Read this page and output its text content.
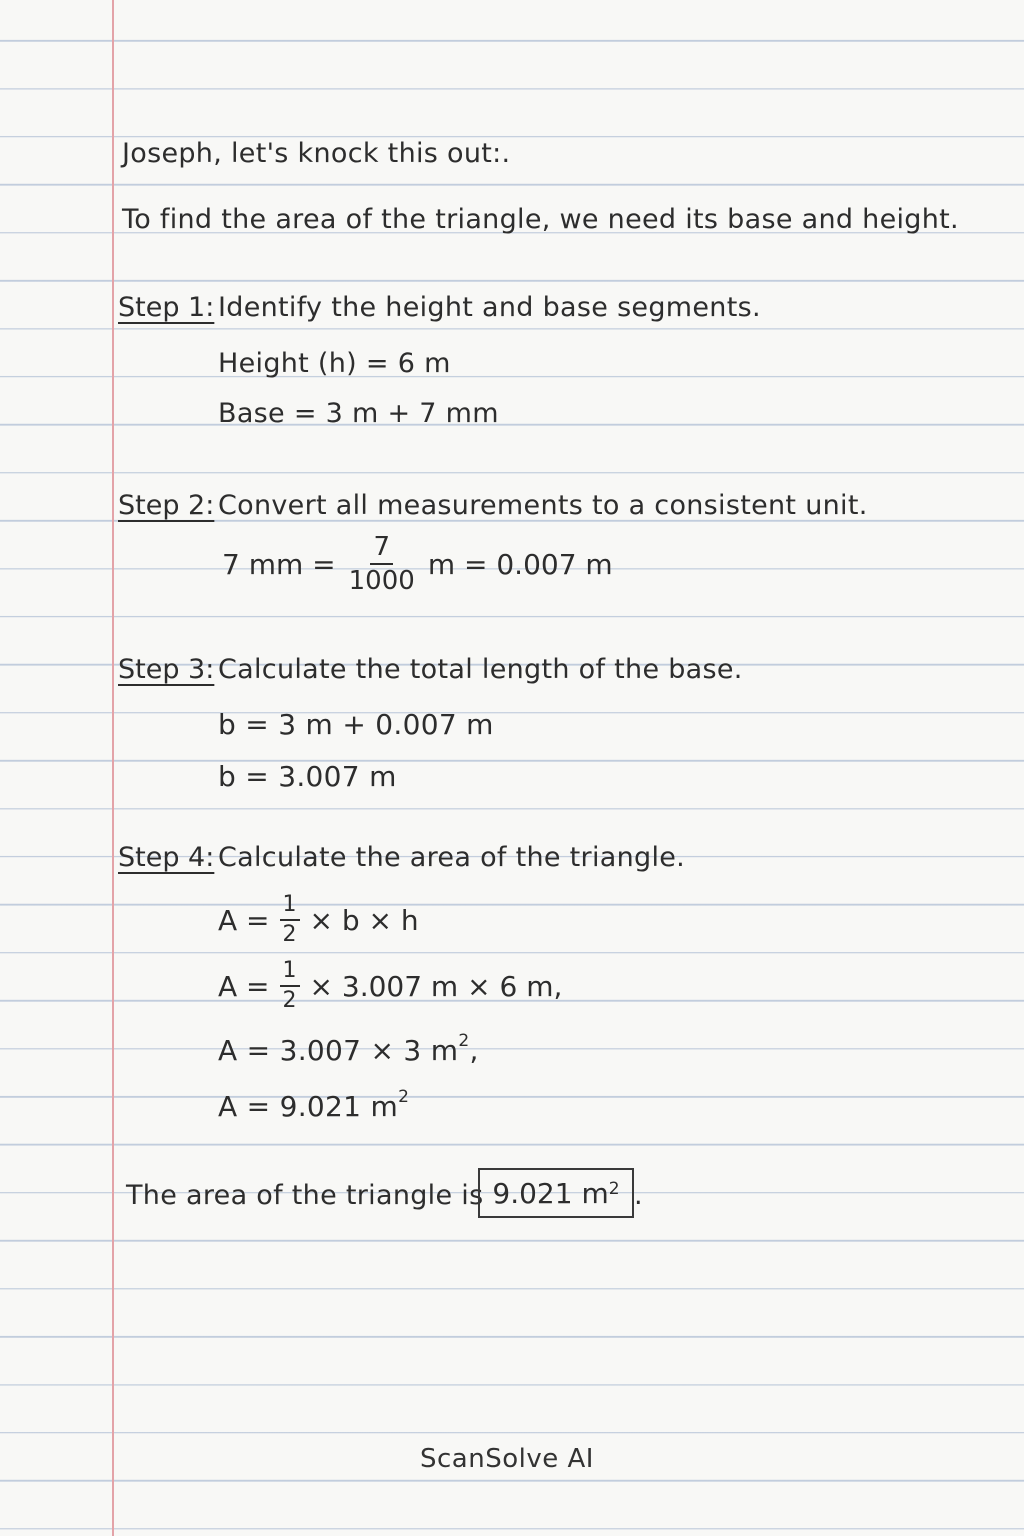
Joseph, let's knock this out:.
To find the area of the triangle, we need its base and height.
Step 1: Identify the height and base segments.
Height (h) = 6 m
Base = 3 m + 7 mm
Step 2: Convert all measurements to a consistent unit.
7 mm = $\frac{7}{1000}$ m = 0.007 m
Step 3: Calculate the total length of the base.
b = 3 m + 0.007 m
b = 3.007 m
Step 4: Calculate the area of the triangle.
$A = \frac{1}{2} \times b \times h$
$A = \frac{1}{2} \times 3.007$ m × 6 m,
A = 3.007 × 3 $m^2$,
A = 9.021 $m^2$
The area of the triangle is 9.021 $m^2$ .
ScanSolve AI
